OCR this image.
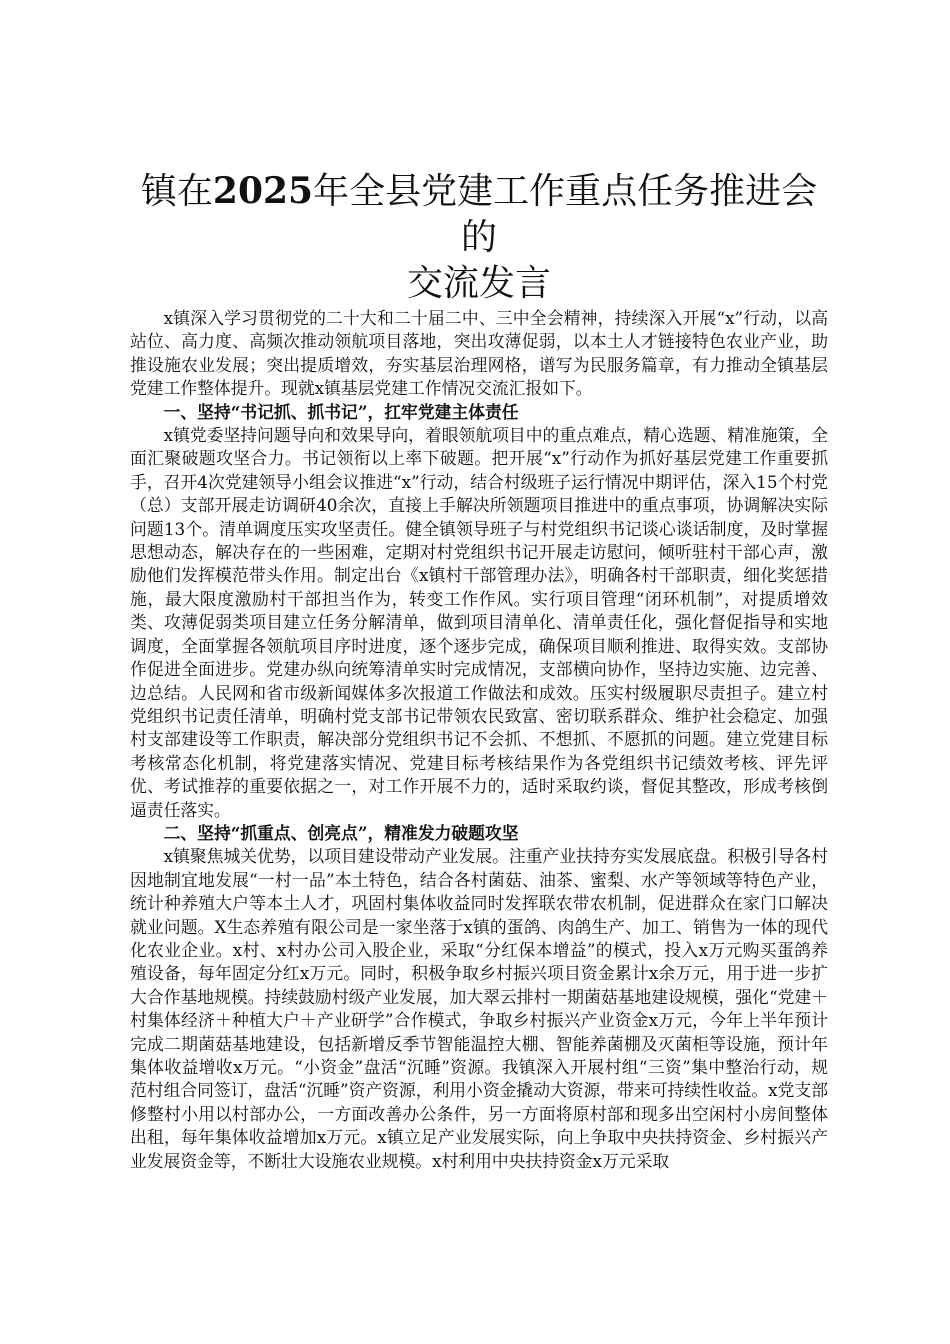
镇在2025年全县党建工作重点任务推进会的
交流发言

x镇深入学习贯彻党的二十大和二十届二中、三中全会精神，持续深入开展“x”行动，以高站位、高力度、高频次推动领航项目落地，突出攻薄促弱，以本土人才链接特色农业产业，助推设施农业发展；突出提质增效，夯实基层治理网格，谱写为民服务篇章，有力推动全镇基层党建工作整体提升。现就x镇基层党建工作情况交流汇报如下。

一、坚持“书记抓、抓书记”，扛牢党建主体责任

x镇党委坚持问题导向和效果导向，着眼领航项目中的重点难点，精心选题、精准施策，全面汇聚破题攻坚合力。书记领衔以上率下破题。把开展“x”行动作为抓好基层党建工作重要抓手，召开4次党建领导小组会议推进“x”行动，结合村级班子运行情况中期评估，深入15个村党（总）支部开展走访调研40余次，直接上手解决所领题项目推进中的重点事项，协调解决实际问题13个。清单调度压实攻坚责任。健全镇领导班子与村党组织书记谈心谈话制度，及时掌握思想动态，解决存在的一些困难，定期对村党组织书记开展走访慰问，倾听驻村干部心声，激励他们发挥模范带头作用。制定出台《x镇村干部管理办法》，明确各村干部职责，细化奖惩措施，最大限度激励村干部担当作为，转变工作作风。实行项目管理“闭环机制”，对提质增效类、攻薄促弱类项目建立任务分解清单，做到项目清单化、清单责任化，强化督促指导和实地调度，全面掌握各领航项目序时进度，逐个逐步完成，确保项目顺利推进、取得实效。支部协作促进全面进步。党建办纵向统筹清单实时完成情况，支部横向协作，坚持边实施、边完善、边总结。人民网和省市级新闻媒体多次报道工作做法和成效。压实村级履职尽责担子。建立村党组织书记责任清单，明确村党支部书记带领农民致富、密切联系群众、维护社会稳定、加强村支部建设等工作职责，解决部分党组织书记不会抓、不想抓、不愿抓的问题。建立党建目标考核常态化机制，将党建落实情况、党建目标考核结果作为各党组织书记绩效考核、评先评优、考试推荐的重要依据之一，对工作开展不力的，适时采取约谈，督促其整改，形成考核倒逼责任落实。

二、坚持“抓重点、创亮点”，精准发力破题攻坚

x镇聚焦城关优势，以项目建设带动产业发展。注重产业扶持夯实发展底盘。积极引导各村因地制宜地发展“一村一品”本土特色，结合各村菌菇、油茶、蜜梨、水产等领域等特色产业，统计种养殖大户等本土人才，巩固村集体收益同时发挥联农带农机制，促进群众在家门口解决就业问题。X生态养殖有限公司是一家坐落于x镇的蛋鸽、肉鸽生产、加工、销售为一体的现代化农业企业。x村、x村办公司入股企业，采取“分红保本增益”的模式，投入x万元购买蛋鸽养殖设备，每年固定分红x万元。同时，积极争取乡村振兴项目资金累计x余万元，用于进一步扩大合作基地规模。持续鼓励村级产业发展，加大翠云排村一期菌菇基地建设规模，强化“党建＋村集体经济＋种植大户＋产业研学”合作模式，争取乡村振兴产业资金x万元，今年上半年预计完成二期菌菇基地建设，包括新增反季节智能温控大棚、智能养菌棚及灭菌柜等设施，预计年集体收益增收x万元。“小资金”盘活“沉睡”资源。我镇深入开展村组“三资”集中整治行动，规范村组合同签订，盘活“沉睡”资产资源，利用小资金撬动大资源，带来可持续性收益。x党支部修整村小用以村部办公，一方面改善办公条件，另一方面将原村部和现多出空闲村小房间整体出租，每年集体收益增加x万元。x镇立足产业发展实际，向上争取中央扶持资金、乡村振兴产业发展资金等，不断壮大设施农业规模。x村利用中央扶持资金x万元采取
